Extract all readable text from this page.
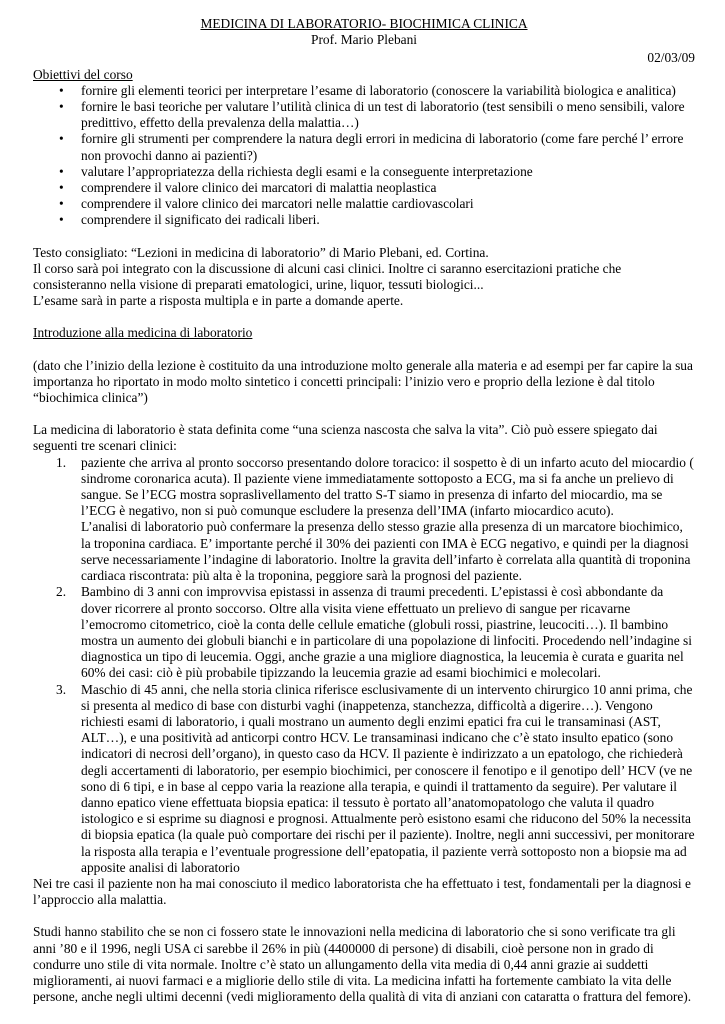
MEDICINA DI LABORATORIO- BIOCHIMICA CLINICA

Prof. Mario Plebani

02/03/09

Obiettivi del corso

• fornire gli elementi teorici per interpretare l’esame di laboratorio (conoscere la variabilità biologica e analitica)
• fornire le basi teoriche per valutare l’utilità clinica di un test di laboratorio (test sensibili o meno sensibili, valore predittivo, effetto della prevalenza della malattia…)
• fornire gli strumenti per comprendere la natura degli errori in medicina di laboratorio (come fare perché l’ errore non provochi danno ai pazienti?)
• valutare l’appropriatezza della richiesta degli esami e la conseguente interpretazione
• comprendere il valore clinico dei marcatori di malattia neoplastica
• comprendere il valore clinico dei marcatori nelle malattie cardiovascolari
• comprendere il significato dei radicali liberi.

Testo consigliato: “Lezioni in medicina di laboratorio” di Mario Plebani, ed. Cortina.
Il corso sarà poi integrato con la discussione di alcuni casi clinici. Inoltre ci saranno esercitazioni pratiche che consisteranno nella visione di preparati ematologici, urine, liquor, tessuti biologici...
L’esame sarà in parte a risposta multipla e in parte a domande aperte.

Introduzione alla medicina di laboratorio

(dato che l’inizio della lezione è costituito da una introduzione molto generale alla materia e ad esempi per far capire la sua importanza ho riportato in modo molto sintetico i concetti principali: l’inizio vero e proprio della lezione è dal titolo “biochimica clinica”)

La medicina di laboratorio è stata definita come “una scienza nascosta che salva la vita”. Ciò può essere spiegato dai seguenti tre scenari clinici:

1. paziente che arriva al pronto soccorso presentando dolore toracico: il sospetto è di un infarto acuto del miocardio ( sindrome coronarica acuta). Il paziente viene immediatamente sottoposto a ECG, ma si fa anche un prelievo di sangue. Se l’ECG mostra sopraslivellamento del tratto S-T siamo in presenza di infarto del miocardio, ma se l’ECG è negativo, non si può comunque escludere la presenza dell’IMA (infarto miocardico acuto).
L’analisi di laboratorio può confermare la presenza dello stesso grazie alla presenza di un marcatore biochimico, la troponina cardiaca. E’ importante perché il 30% dei pazienti con IMA è ECG negativo, e quindi per la diagnosi serve necessariamente l’indagine di laboratorio. Inoltre la gravita dell’infarto è correlata alla quantità di troponina cardiaca riscontrata: più alta è la troponina, peggiore sarà la prognosi del paziente.
2. Bambino di 3 anni con improvvisa epistassi in assenza di traumi precedenti. L’epistassi è così abbondante da dover ricorrere al pronto soccorso. Oltre alla visita viene effettuato un prelievo di sangue per ricavarne l’emocromo citometrico, cioè la conta delle cellule ematiche (globuli rossi, piastrine, leucociti…). Il bambino mostra un aumento dei globuli bianchi e in particolare di una popolazione di linfociti. Procedendo nell’indagine si diagnostica un tipo di leucemia. Oggi, anche grazie a una migliore diagnostica, la leucemia è curata e guarita nel 60% dei casi: ciò è più probabile tipizzando la leucemia grazie ad esami biochimici e molecolari.
3. Maschio di 45 anni, che nella storia clinica riferisce esclusivamente di un intervento chirurgico 10 anni prima, che si presenta al medico di base con disturbi vaghi (inappetenza, stanchezza, difficoltà a digerire…). Vengono richiesti esami di laboratorio, i quali mostrano un aumento degli enzimi epatici fra cui le transaminasi (AST, ALT…), e una positività ad anticorpi contro HCV. Le transaminasi indicano che c’è stato insulto epatico (sono indicatori di necrosi dell’organo), in questo caso da HCV. Il paziente è indirizzato a un epatologo, che richiederà degli accertamenti di laboratorio, per esempio biochimici, per conoscere il fenotipo e il genotipo dell’ HCV (ve ne sono di 6 tipi, e in base al ceppo varia la reazione alla terapia, e quindi il trattamento da seguire). Per valutare il danno epatico viene effettuata biopsia epatica: il tessuto è portato all’anatomopatologo che valuta il quadro istologico e si esprime su diagnosi e prognosi. Attualmente però esistono esami che riducono del 50% la necessita di biopsia epatica (la quale può comportare dei rischi per il paziente). Inoltre, negli anni successivi, per monitorare la risposta alla terapia e l’eventuale progressione dell’epatopatia, il paziente verrà sottoposto non a biopsie ma ad apposite analisi di laboratorio

Nei tre casi il paziente non ha mai conosciuto il medico laboratorista che ha effettuato i test, fondamentali per la diagnosi e l’approccio alla malattia.

Studi hanno stabilito che se non ci fossero state le innovazioni nella medicina di laboratorio che si sono verificate tra gli anni ’80 e il 1996, negli USA ci sarebbe il 26% in più (4400000 di persone) di disabili, cioè persone non in grado di condurre uno stile di vita normale. Inoltre c’è stato un allungamento della vita media di 0,44 anni grazie ai suddetti miglioramenti, ai nuovi farmaci e a migliorie dello stile di vita. La medicina infatti ha fortemente cambiato la vita delle persone, anche negli ultimi decenni (vedi miglioramento della qualità di vita di anziani con cataratta o frattura del femore).
